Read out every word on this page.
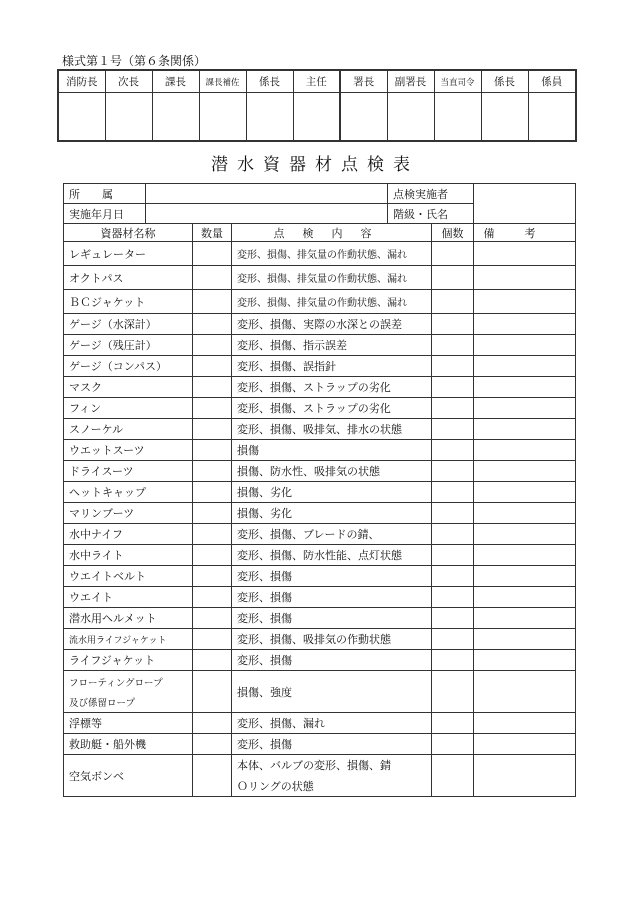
様式第１号（第６条関係）
消防長	次長	課長	課長補佐	係長	主任	署長	副署長	当直司令	係長	係員

潜水資器材点検表
所　　属				点検実施者		
実施年月日				階級・氏名		
資器材名称		数量	点検内容		個数	備考

レギュレーター			変形、損傷、排気量の作動状態、漏れ			

オクトパス			変形、損傷、排気量の作動状態、漏れ			

ＢＣジャケット			変形、損傷、排気量の作動状態、漏れ			

ゲージ（水深計）			変形、損傷、実際の水深との誤差			

ゲージ（残圧計）			変形、損傷、指示誤差			

ゲージ（コンパス）			変形、損傷、誤指針			

マスク			変形、損傷、ストラップの劣化			

フィン			変形、損傷、ストラップの劣化			

スノーケル			変形、損傷、吸排気、排水の状態			

ウエットスーツ			損傷			

ドライスーツ			損傷、防水性、吸排気の状態			

ヘットキャップ			損傷、劣化			

マリンブーツ			損傷、劣化			

水中ナイフ			変形、損傷、ブレードの錆、			

水中ライト			変形、損傷、防水性能、点灯状態			

ウエイトベルト			変形、損傷			

ウエイト			変形、損傷			

潜水用ヘルメット			変形、損傷			

流水用ライフジャケット			変形、損傷、吸排気の作動状態			

ライフジャケット			変形、損傷			

フローティングロープ
及び係留ロープ			損傷、強度			

浮標等			変形、損傷、漏れ			

救助艇・船外機			変形、損傷			

空気ボンベ			本体、バルブの変形、損傷、錆
Ｏリングの状態			
